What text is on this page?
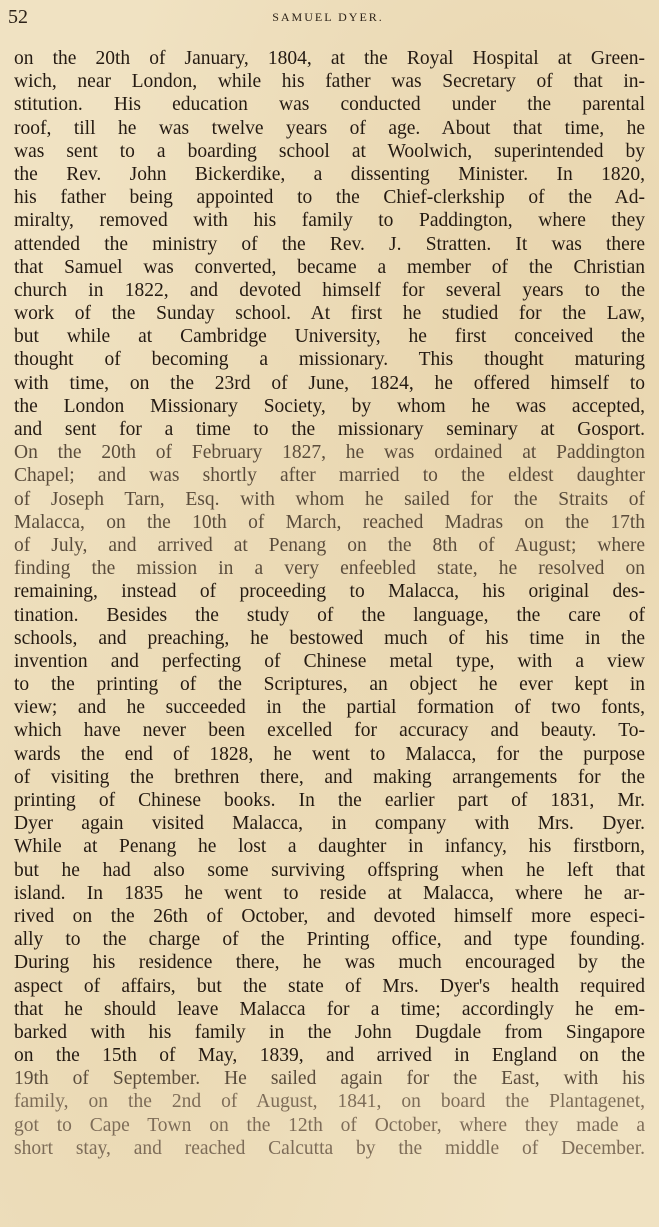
52	SAMUEL DYER.
on the 20th of January, 1804, at the Royal Hospital at Green-
wich, near London, while his father was Secretary of that in-
stitution. His education was conducted under the parental
roof, till he was twelve years of age. About that time, he
was sent to a boarding school at Woolwich, superintended by
the Rev. John Bickerdike, a dissenting Minister. In 1820,
his father being appointed to the Chief-clerkship of the Ad-
miralty, removed with his family to Paddington, where they
attended the ministry of the Rev. J. Stratten. It was there
that Samuel was converted, became a member of the Christian
church in 1822, and devoted himself for several years to the
work of the Sunday school. At first he studied for the Law,
but while at Cambridge University, he first conceived the
thought of becoming a missionary. This thought maturing
with time, on the 23rd of June, 1824, he offered himself to
the London Missionary Society, by whom he was accepted,
and sent for a time to the missionary seminary at Gosport.
On the 20th of February 1827, he was ordained at Paddington
Chapel; and was shortly after married to the eldest daughter
of Joseph Tarn, Esq. with whom he sailed for the Straits of
Malacca, on the 10th of March, reached Madras on the 17th
of July, and arrived at Penang on the 8th of August; where
finding the mission in a very enfeebled state, he resolved on
remaining, instead of proceeding to Malacca, his original des-
tination. Besides the study of the language, the care of
schools, and preaching, he bestowed much of his time in the
invention and perfecting of Chinese metal type, with a view
to the printing of the Scriptures, an object he ever kept in
view; and he succeeded in the partial formation of two fonts,
which have never been excelled for accuracy and beauty. To-
wards the end of 1828, he went to Malacca, for the purpose
of visiting the brethren there, and making arrangements for the
printing of Chinese books. In the earlier part of 1831, Mr.
Dyer again visited Malacca, in company with Mrs. Dyer.
While at Penang he lost a daughter in infancy, his firstborn,
but he had also some surviving offspring when he left that
island. In 1835 he went to reside at Malacca, where he ar-
rived on the 26th of October, and devoted himself more especi-
ally to the charge of the Printing office, and type founding.
During his residence there, he was much encouraged by the
aspect of affairs, but the state of Mrs. Dyer's health required
that he should leave Malacca for a time; accordingly he em-
barked with his family in the John Dugdale from Singapore
on the 15th of May, 1839, and arrived in England on the
19th of September. He sailed again for the East, with his
family, on the 2nd of August, 1841, on board the Plantagenet,
got to Cape Town on the 12th of October, where they made a
short stay, and reached Calcutta by the middle of December.
